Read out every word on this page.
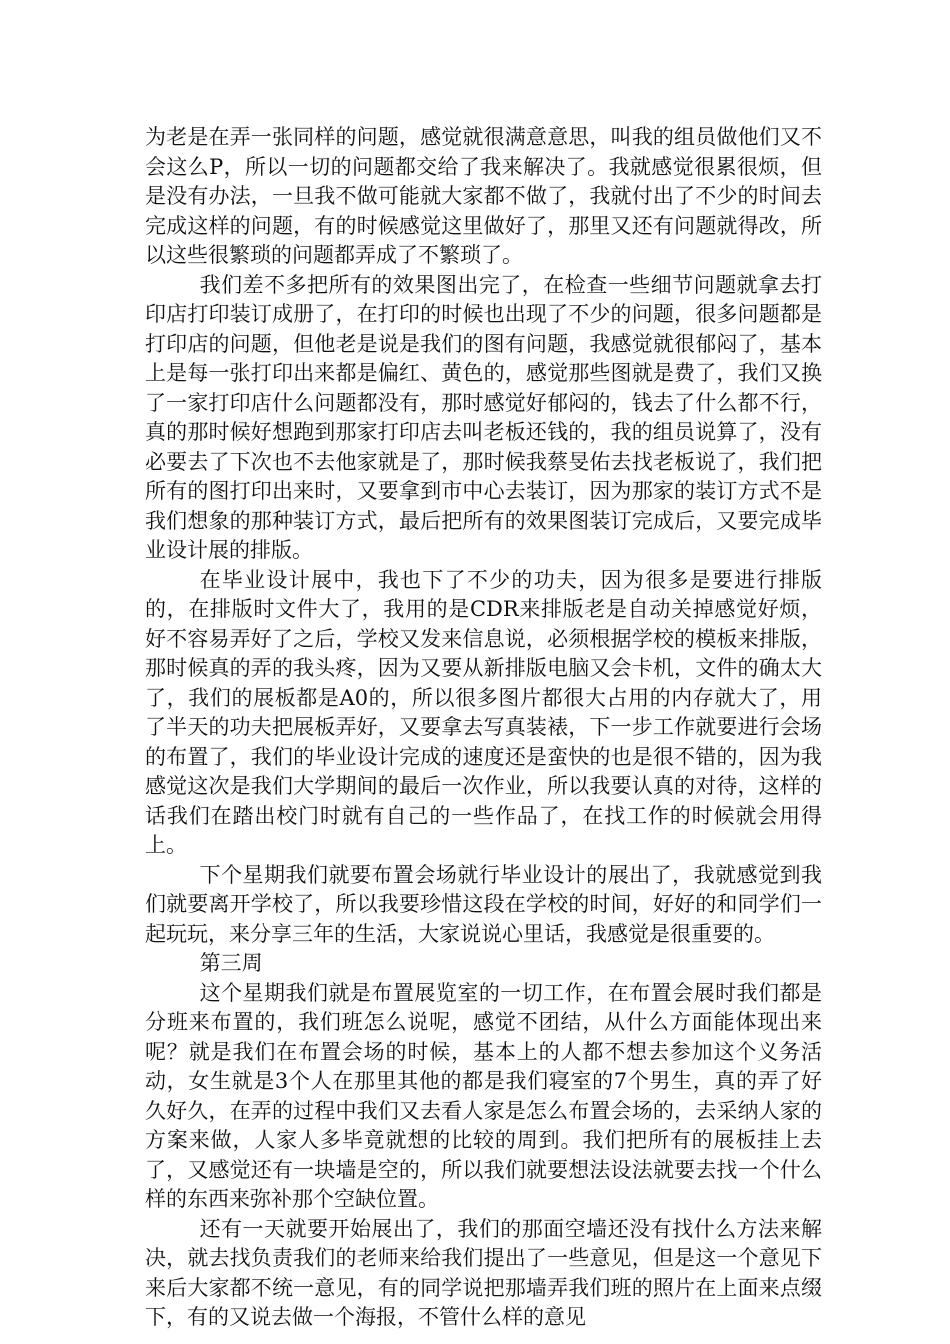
为老是在弄一张同样的问题，感觉就很满意意思，叫我的组员做他们又不会这么P，所以一切的问题都交给了我来解决了。我就感觉很累很烦，但是没有办法，一旦我不做可能就大家都不做了，我就付出了不少的时间去完成这样的问题，有的时候感觉这里做好了，那里又还有问题就得改，所以这些很繁琐的问题都弄成了不繁琐了。

我们差不多把所有的效果图出完了，在检查一些细节问题就拿去打印店打印装订成册了，在打印的时候也出现了不少的问题，很多问题都是打印店的问题，但他老是说是我们的图有问题，我感觉就很郁闷了，基本上是每一张打印出来都是偏红、黄色的，感觉那些图就是费了，我们又换了一家打印店什么问题都没有，那时感觉好郁闷的，钱去了什么都不行，真的那时候好想跑到那家打印店去叫老板还钱的，我的组员说算了，没有必要去了下次也不去他家就是了，那时候我蔡旻佑去找老板说了，我们把所有的图打印出来时，又要拿到市中心去装订，因为那家的装订方式不是我们想象的那种装订方式，最后把所有的效果图装订完成后，又要完成毕业设计展的排版。

在毕业设计展中，我也下了不少的功夫，因为很多是要进行排版的，在排版时文件大了，我用的是CDR来排版老是自动关掉感觉好烦，好不容易弄好了之后，学校又发来信息说，必须根据学校的模板来排版，那时候真的弄的我头疼，因为又要从新排版电脑又会卡机，文件的确太大了，我们的展板都是A0的，所以很多图片都很大占用的内存就大了，用了半天的功夫把展板弄好，又要拿去写真装裱，下一步工作就要进行会场的布置了，我们的毕业设计完成的速度还是蛮快的也是很不错的，因为我感觉这次是我们大学期间的最后一次作业，所以我要认真的对待，这样的话我们在踏出校门时就有自己的一些作品了，在找工作的时候就会用得上。

下个星期我们就要布置会场就行毕业设计的展出了，我就感觉到我们就要离开学校了，所以我要珍惜这段在学校的时间，好好的和同学们一起玩玩，来分享三年的生活，大家说说心里话，我感觉是很重要的。

第三周

这个星期我们就是布置展览室的一切工作，在布置会展时我们都是分班来布置的，我们班怎么说呢，感觉不团结，从什么方面能体现出来呢？就是我们在布置会场的时候，基本上的人都不想去参加这个义务活动，女生就是3个人在那里其他的都是我们寝室的7个男生，真的弄了好久好久，在弄的过程中我们又去看人家是怎么布置会场的，去采纳人家的方案来做，人家人多毕竟就想的比较的周到。我们把所有的展板挂上去了，又感觉还有一块墙是空的，所以我们就要想法设法就要去找一个什么样的东西来弥补那个空缺位置。

还有一天就要开始展出了，我们的那面空墙还没有找什么方法来解决，就去找负责我们的老师来给我们提出了一些意见，但是这一个意见下来后大家都不统一意见，有的同学说把那墙弄我们班的照片在上面来点缀下，有的又说去做一个海报，不管什么样的意见
